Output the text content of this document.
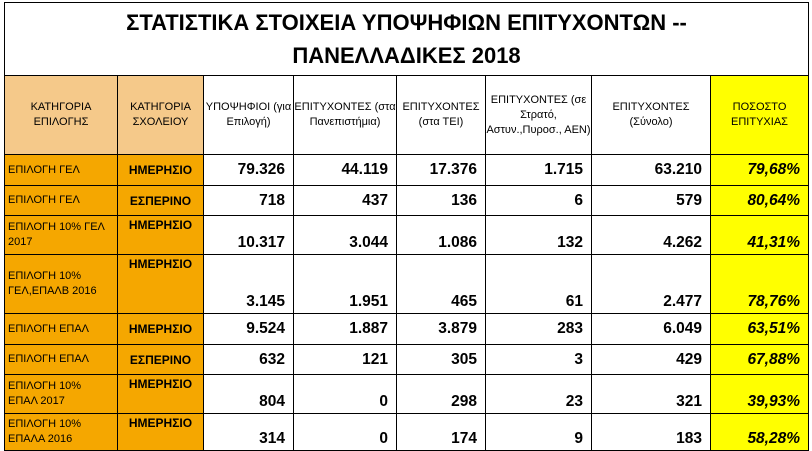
ΣΤΑΤΙΣΤΙΚΑ ΣΤΟΙΧΕΙΑ ΥΠΟΨΗΦΙΩΝ ΕΠΙΤΥΧΟΝΤΩΝ --
ΠΑΝΕΛΛΑΔΙΚΕΣ 2018							

ΚΑΤΗΓΟΡΙΑ ΕΠΙΛΟΓΗΣ	ΚΑΤΗΓΟΡΙΑ ΣΧΟΛΕΙΟΥ	ΥΠΟΨΗΦΙΟΙ (για Επιλογή)	ΕΠΙΤΥΧΟΝΤΕΣ (στα Πανεπιστήμια)	ΕΠΙΤΥΧΟΝΤΕΣ (στα ΤΕΙ)	ΕΠΙΤΥΧΟΝΤΕΣ (σε Στρατό, Αστυν.,Πυροσ., ΑΕΝ)	ΕΠΙΤΥΧΟΝΤΕΣ (Σύνολο)	ΠΟΣΟΣΤΟ ΕΠΙΤΥΧΙΑΣ
ΕΠΙΛΟΓΗ ΓΕΛ	ΗΜΕΡΗΣΙΟ	79.326	44.119	17.376	1.715	63.210	79,68%
ΕΠΙΛΟΓΗ ΓΕΛ	ΕΣΠΕΡΙΝΟ	718	437	136	6	579	80,64%
ΕΠΙΛΟΓΗ 10% ΓΕΛ 2017	ΗΜΕΡΗΣΙΟ	10.317	3.044	1.086	132	4.262	41,31%
ΕΠΙΛΟΓΗ 10% ΓΕΛ,ΕΠΑΛΒ 2016	ΗΜΕΡΗΣΙΟ	3.145	1.951	465	61	2.477	78,76%
ΕΠΙΛΟΓΗ ΕΠΑΛ	ΗΜΕΡΗΣΙΟ	9.524	1.887	3.879	283	6.049	63,51%
ΕΠΙΛΟΓΗ ΕΠΑΛ	ΕΣΠΕΡΙΝΟ	632	121	305	3	429	67,88%
ΕΠΙΛΟΓΗ 10% ΕΠΑΛ 2017	ΗΜΕΡΗΣΙΟ	804	0	298	23	321	39,93%
ΕΠΙΛΟΓΗ 10% ΕΠΑΛΑ 2016	ΗΜΕΡΗΣΙΟ	314	0	174	9	183	58,28%
